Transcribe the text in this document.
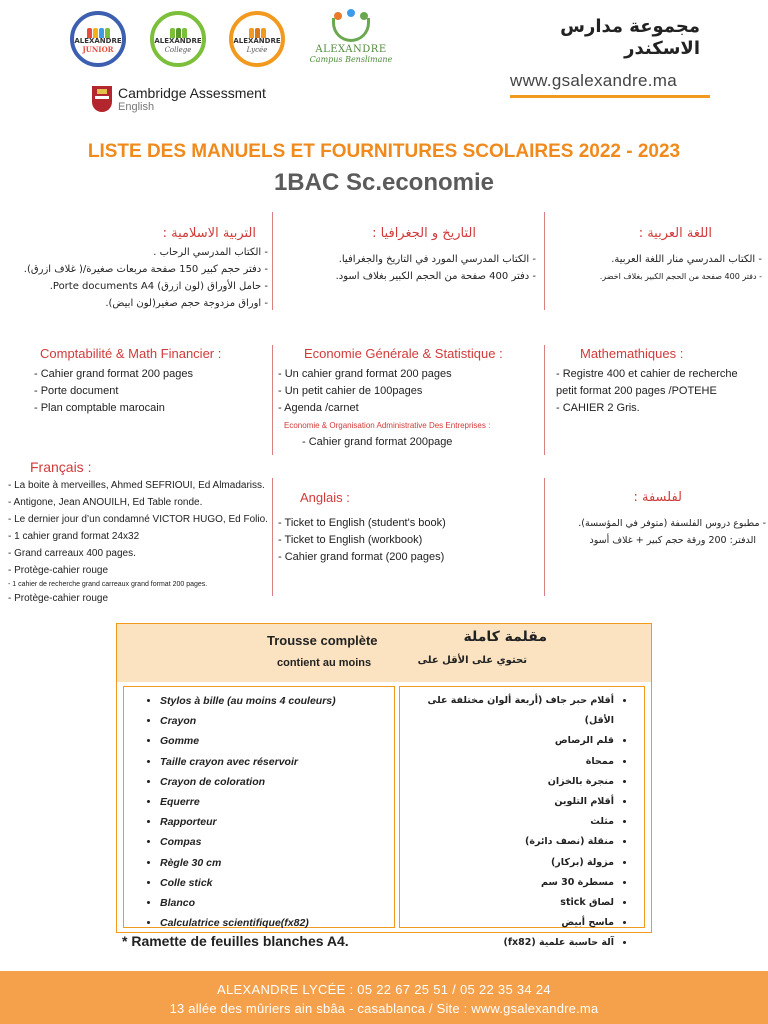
ALEXANDRE
JUNIOR
ALEXANDRE
College
ALEXANDRE
Lycée	ALEXANDRE
Campus Benslimane
Cambridge Assessment
English
مجموعة مدارس
الاسكندر
www.gsalexandre.ma
LISTE DES MANUELS ET FOURNITURES SCOLAIRES 2022 - 2023
1BAC Sc.economie
التربية الاسلامية :
- الكتاب المدرسي الرحاب .
- دفتر حجم كبير 150 صفحة مربعات صغيرة/( غلاف ازرق).
- حامل الأوراق (لون ازرق) Porte documents A4.
- اوراق مزدوجة حجم صغير(لون ابيض).
التاريخ و الجغرافيا :
- الكتاب المدرسي المورد في التاريخ والجغرافيا.
- دفتر 400 صفحة من الحجم الكبير بغلاف اسود.
اللغة العربية :
- الكتاب المدرسي منار اللغة العربية.
- دفتر 400 صفحة من الحجم الكبير بغلاف اخضر.
Comptabilité & Math Financier :
- Cahier grand format 200 pages
- Porte document
- Plan comptable marocain
Economie Générale & Statistique :
- Un cahier grand format 200 pages
- Un petit cahier de 100pages
- Agenda /carnet
Economie & Organisation Administrative Des Entreprises :
- Cahier grand format 200page
Mathemathiques :
- Registre 400 et cahier de recherche
petit format 200 pages /POTEHE
- CAHIER 2 Gris.
Français :
- La boite à merveilles, Ahmed SEFRIOUI, Ed Almadariss.
- Antigone, Jean ANOUILH, Ed Table ronde.
- Le dernier jour d’un condamné VICTOR HUGO, Ed Folio.
- 1 cahier grand format 24x32
- Grand carreaux 400 pages.
- Protège-cahier rouge
- 1 cahier de recherche grand carreaux grand format 200 pages.
- Protège-cahier rouge
Anglais :
- Ticket to English (student's book)
- Ticket to English (workbook)
- Cahier grand format (200 pages)
لفلسفة :
- مطبوع دروس الفلسفة (متوفر في المؤسسة).
الدفتر: 200 ورقة حجم كبير + غلاف أسود
Trousse complète
contient au moins
مقلمة كاملة
تحتوي على الأقل على
• Stylos à bille (au moins 4 couleurs)
• Crayon
• Gomme
• Taille crayon avec réservoir
• Crayon de coloration
• Equerre
• Rapporteur
• Compas
• Règle 30 cm
• Colle stick
• Blanco
• Calculatrice scientifique(fx82)
• أقلام حبر جاف (أربعة ألوان مختلفة على الأقل)
• قلم الرصاص
• ممحاة
• منجرة بالخزان
• أقلام التلوين
• مثلث
• منقلة (نصف دائرة)
• مزولة (بركار)
• مسطرة 30 سم
• لصاق stick
• ماسح أبيض
• آلة حاسبة علمية (fx82)
* Ramette de feuilles blanches A4.
ALEXANDRE LYCÉE : 05 22 67 25 51 / 05 22 35 34 24
13 allée des mûriers ain sbâa - casablanca / Site : www.gsalexandre.ma
